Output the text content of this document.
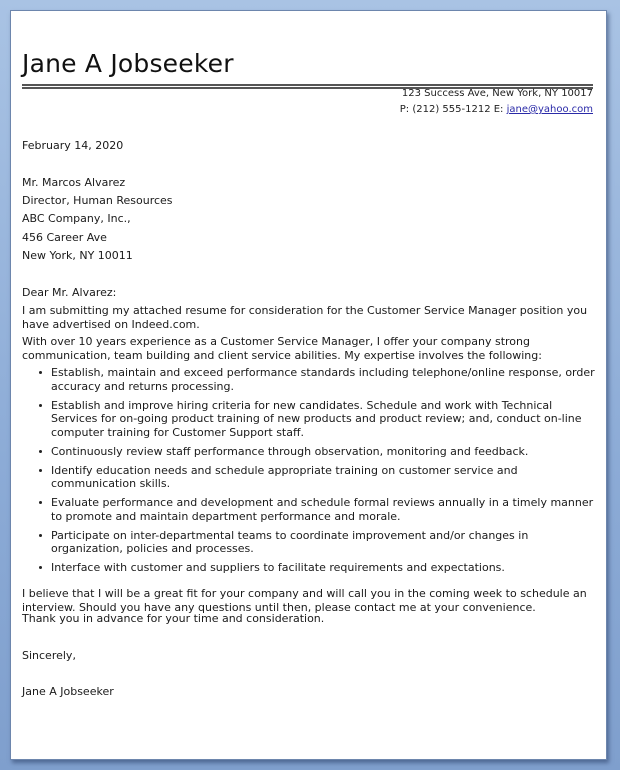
Jane A Jobseeker
123 Success Ave, New York, NY 10017
P: (212) 555-1212 E: jane@yahoo.com
February 14, 2020
Mr. Marcos Alvarez
Director, Human Resources
ABC Company, Inc.,
456 Career Ave
New York, NY 10011
Dear Mr. Alvarez:
I am submitting my attached resume for consideration for the Customer Service Manager position you have advertised on Indeed.com.
With over 10 years experience as a Customer Service Manager, I offer your company strong communication, team building and client service abilities. My expertise involves the following:
Establish, maintain and exceed performance standards including telephone/online response, order accuracy and returns processing.
Establish and improve hiring criteria for new candidates. Schedule and work with Technical Services for on-going product training of new products and product review; and, conduct on-line computer training for Customer Support staff.
Continuously review staff performance through observation, monitoring and feedback.
Identify education needs and schedule appropriate training on customer service and communication skills.
Evaluate performance and development and schedule formal reviews annually in a timely manner to promote and maintain department performance and morale.
Participate on inter-departmental teams to coordinate improvement and/or changes in organization, policies and processes.
Interface with customer and suppliers to facilitate requirements and expectations.
I believe that I will be a great fit for your company and will call you in the coming week to schedule an interview. Should you have any questions until then, please contact me at your convenience.
Thank you in advance for your time and consideration.
Sincerely,
Jane A Jobseeker
